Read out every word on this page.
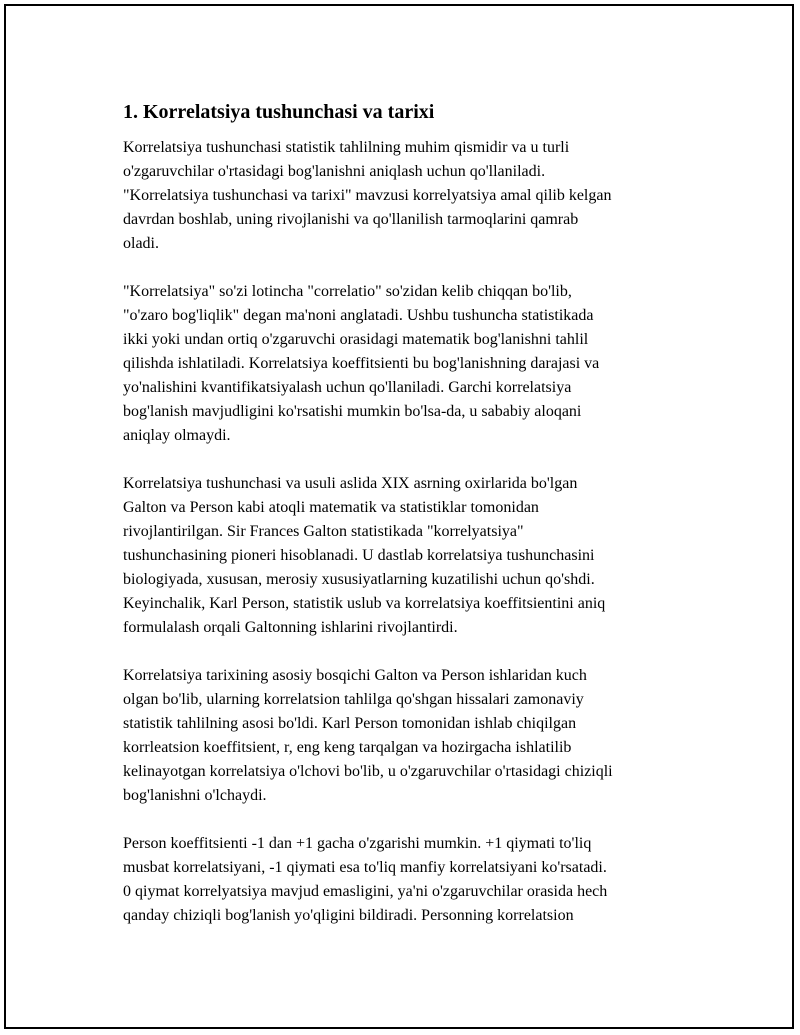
1. Korrelatsiya tushunchasi va tarixi

Korrelatsiya tushunchasi statistik tahlilning muhim qismidir va u turli
o'zgaruvchilar o'rtasidagi bog'lanishni aniqlash uchun qo'llaniladi.
"Korrelatsiya tushunchasi va tarixi" mavzusi korrelyatsiya amal qilib kelgan
davrdan boshlab, uning rivojlanishi va qo'llanilish tarmoqlarini qamrab
oladi.

"Korrelatsiya" so'zi lotincha "correlatio" so'zidan kelib chiqqan bo'lib,
"o'zaro bog'liqlik" degan ma'noni anglatadi. Ushbu tushuncha statistikada
ikki yoki undan ortiq o'zgaruvchi orasidagi matematik bog'lanishni tahlil
qilishda ishlatiladi. Korrelatsiya koeffitsienti bu bog'lanishning darajasi va
yo'nalishini kvantifikatsiyalash uchun qo'llaniladi. Garchi korrelatsiya
bog'lanish mavjudligini ko'rsatishi mumkin bo'lsa-da, u sababiy aloqani
aniqlay olmaydi.

Korrelatsiya tushunchasi va usuli aslida XIX asrning oxirlarida bo'lgan
Galton va Person kabi atoqli matematik va statistiklar tomonidan
rivojlantirilgan. Sir Frances Galton statistikada "korrelyatsiya"
tushunchasining pioneri hisoblanadi. U dastlab korrelatsiya tushunchasini
biologiyada, xususan, merosiy xususiyatlarning kuzatilishi uchun qo'shdi.
Keyinchalik, Karl Person, statistik uslub va korrelatsiya koeffitsientini aniq
formulalash orqali Galtonning ishlarini rivojlantirdi.

Korrelatsiya tarixining asosiy bosqichi Galton va Person ishlaridan kuch
olgan bo'lib, ularning korrelatsion tahlilga qo'shgan hissalari zamonaviy
statistik tahlilning asosi bo'ldi. Karl Person tomonidan ishlab chiqilgan
korrleatsion koeffitsient, r, eng keng tarqalgan va hozirgacha ishlatilib
kelinayotgan korrelatsiya o'lchovi bo'lib, u o'zgaruvchilar o'rtasidagi chiziqli
bog'lanishni o'lchaydi.

Person koeffitsienti -1 dan +1 gacha o'zgarishi mumkin. +1 qiymati to'liq
musbat korrelatsiyani, -1 qiymati esa to'liq manfiy korrelatsiyani ko'rsatadi.
0 qiymat korrelyatsiya mavjud emasligini, ya'ni o'zgaruvchilar orasida hech
qanday chiziqli bog'lanish yo'qligini bildiradi. Personning korrelatsion
